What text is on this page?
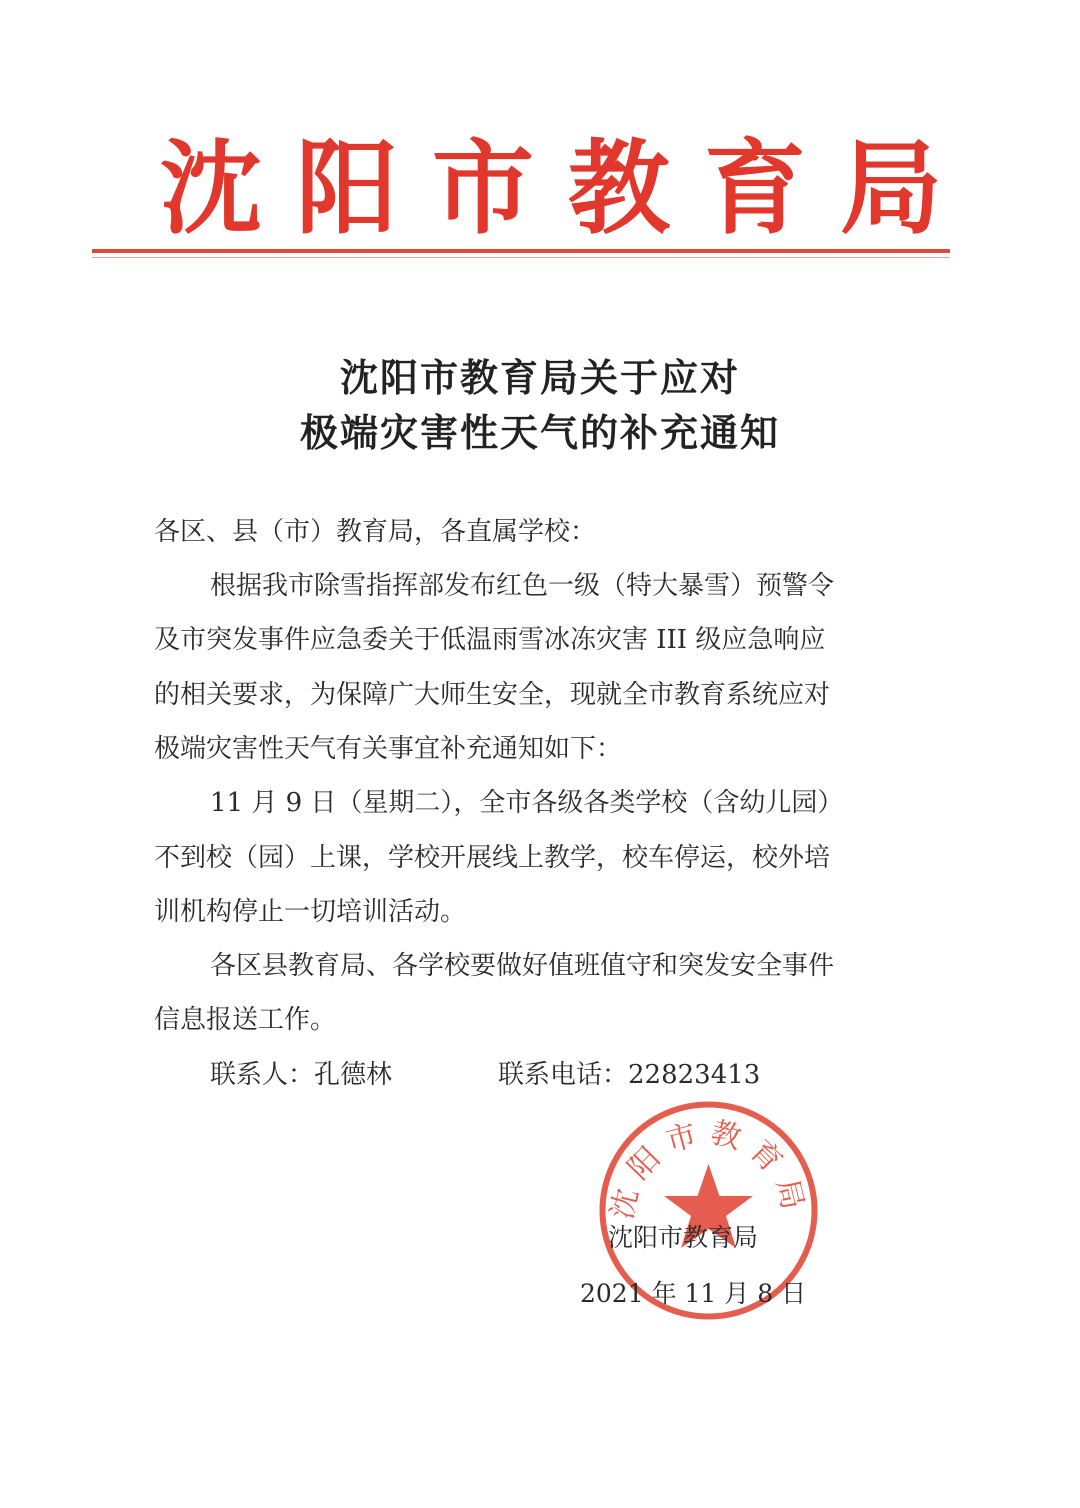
沈 阳 市 教 育 局
沈阳市教育局关于应对
极端灾害性天气的补充通知
各区、县（市）教育局，各直属学校：
根据我市除雪指挥部发布红色一级（特大暴雪）预警令
及市突发事件应急委关于低温雨雪冰冻灾害 III 级应急响应
的相关要求，为保障广大师生安全，现就全市教育系统应对
极端灾害性天气有关事宜补充通知如下：
11 月 9 日（星期二），全市各级各类学校（含幼儿园）
不到校（园）上课，学校开展线上教学，校车停运，校外培
训机构停止一切培训活动。
各区县教育局、各学校要做好值班值守和突发安全事件
信息报送工作。
联系人：孔德林	联系电话：22823413
沈阳市教育局
沈阳市教育局
2021 年 11 月 8 日
